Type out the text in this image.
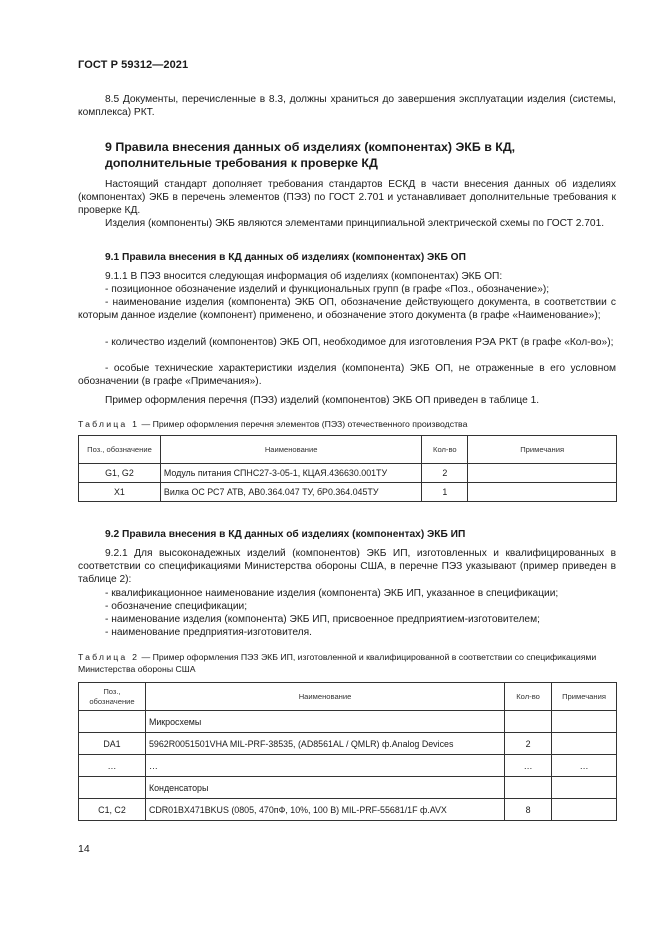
ГОСТ Р 59312—2021
8.5 Документы, перечисленные в 8.3, должны храниться до завершения эксплуатации изделия (системы, комплекса) РКТ.
9 Правила внесения данных об изделиях (компонентах) ЭКБ в КД,
дополнительные требования к проверке КД
Настоящий стандарт дополняет требования стандартов ЕСКД в части внесения данных об изделиях (компонентах) ЭКБ в перечень элементов (ПЭЗ) по ГОСТ 2.701 и устанавливает дополнительные требования к проверке КД.
Изделия (компоненты) ЭКБ являются элементами принципиальной электрической схемы по ГОСТ 2.701.
9.1 Правила внесения в КД данных об изделиях (компонентах) ЭКБ ОП
9.1.1 В ПЭЗ вносится следующая информация об изделиях (компонентах) ЭКБ ОП:
- позиционное обозначение изделий и функциональных групп (в графе «Поз., обозначение»);
- наименование изделия (компонента) ЭКБ ОП, обозначение действующего документа, в соответствии с которым данное изделие (компонент) применено, и обозначение этого документа (в графе «Наименование»);
- количество изделий (компонентов) ЭКБ ОП, необходимое для изготовления РЭА РКТ (в графе «Кол-во»);
- особые технические характеристики изделия (компонента) ЭКБ ОП, не отраженные в его условном обозначении (в графе «Примечания»).
Пример оформления перечня (ПЭЗ) изделий (компонентов) ЭКБ ОП приведен в таблице 1.
Таблица 1 — Пример оформления перечня элементов (ПЭЗ) отечественного производства
Поз., обозначение	Наименование	Кол-во	Примечания
G1, G2	Модуль питания СПНС27-3-05-1, КЦАЯ.436630.001ТУ	2	
X1	Вилка ОС РС7 АТВ, АВ0.364.047 ТУ, бР0.364.045ТУ	1	
9.2 Правила внесения в КД данных об изделиях (компонентах) ЭКБ ИП
9.2.1 Для высоконадежных изделий (компонентов) ЭКБ ИП, изготовленных и квалифицированных в соответствии со спецификациями Министерства обороны США, в перечне ПЭЗ указывают (пример приведен в таблице 2):
- квалификационное наименование изделия (компонента) ЭКБ ИП, указанное в спецификации;
- обозначение спецификации;
- наименование изделия (компонента) ЭКБ ИП, присвоенное предприятием-изготовителем;
- наименование предприятия-изготовителя.
Таблица 2 — Пример оформления ПЭЗ ЭКБ ИП, изготовленной и квалифицированной в соответствии со спецификациями Министерства обороны США
Поз., обозначение	Наименование	Кол-во	Примечания
	Микросхемы		
DA1	5962R0051501VHA MIL-PRF-38535, (AD8561AL / QMLR) ф.Analog Devices	2	
…	…	…	…
	Конденсаторы		
C1, C2	CDR01BX471BKUS (0805, 470пФ, 10%, 100 В) MIL-PRF-55681/1F ф.AVX	8	
14
